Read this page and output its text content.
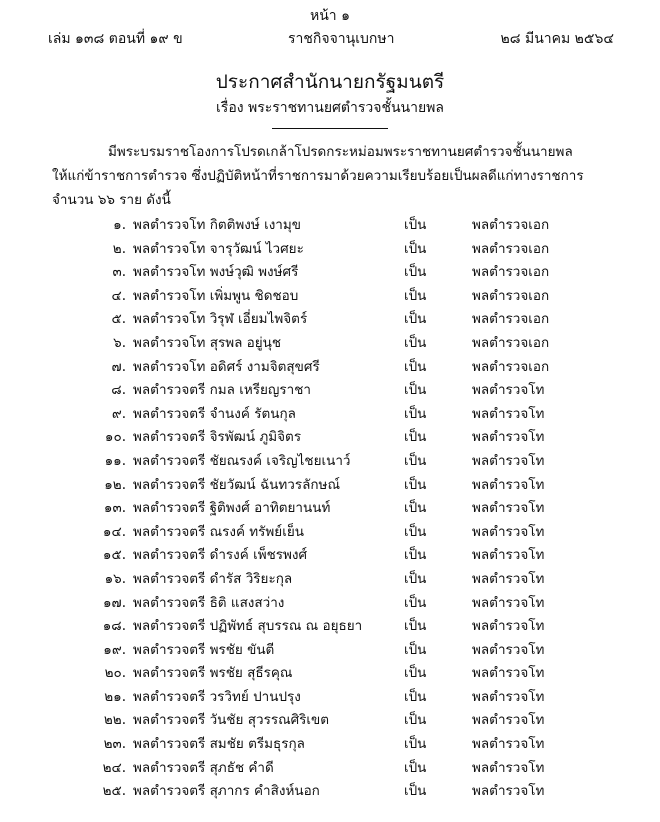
หน้า ๑
เล่ม ๑๓๘ ตอนที่ ๑๙ ข	ราชกิจจานุเบกษา	๒๘ มีนาคม ๒๕๖๔
ประกาศสำนักนายกรัฐมนตรี
เรื่อง พระราชทานยศตำรวจชั้นนายพล
มีพระบรมราชโองการโปรดเกล้าโปรดกระหม่อมพระราชทานยศตำรวจชั้นนายพล
ให้แก่ข้าราชการตำรวจ ซึ่งปฏิบัติหน้าที่ราชการมาด้วยความเรียบร้อยเป็นผลดีแก่ทางราชการ
จำนวน ๖๖ ราย ดังนี้
๑. พลตำรวจโท กิตติพงษ์ เงามุข	เป็น	พลตำรวจเอก
๒. พลตำรวจโท จารุวัฒน์ ไวศยะ	เป็น	พลตำรวจเอก
๓. พลตำรวจโท พงษ์วุฒิ พงษ์ศรี	เป็น	พลตำรวจเอก
๔. พลตำรวจโท เพิ่มพูน ชิดชอบ	เป็น	พลตำรวจเอก
๕. พลตำรวจโท วิรุฬ เอี่ยมไพจิตร์	เป็น	พลตำรวจเอก
๖. พลตำรวจโท สุรพล อยู่นุช	เป็น	พลตำรวจเอก
๗. พลตำรวจโท อดิศร์ งามจิตสุขศรี	เป็น	พลตำรวจเอก
๘. พลตำรวจตรี กมล เหรียญราชา	เป็น	พลตำรวจโท
๙. พลตำรวจตรี จำนงค์ รัตนกุล	เป็น	พลตำรวจโท
๑๐. พลตำรวจตรี จิรพัฒน์ ภูมิจิตร	เป็น	พลตำรวจโท
๑๑. พลตำรวจตรี ชัยณรงค์ เจริญไชยเนาว์	เป็น	พลตำรวจโท
๑๒. พลตำรวจตรี ชัยวัฒน์ ฉันทวรลักษณ์	เป็น	พลตำรวจโท
๑๓. พลตำรวจตรี ฐิติพงศ์ อาทิตยานนท์	เป็น	พลตำรวจโท
๑๔. พลตำรวจตรี ณรงค์ ทรัพย์เย็น	เป็น	พลตำรวจโท
๑๕. พลตำรวจตรี ดำรงค์ เพ็ชรพงศ์	เป็น	พลตำรวจโท
๑๖. พลตำรวจตรี ดำรัส วิริยะกุล	เป็น	พลตำรวจโท
๑๗. พลตำรวจตรี ธิติ แสงสว่าง	เป็น	พลตำรวจโท
๑๘. พลตำรวจตรี ปฏิพัทธ์ สุบรรณ ณ อยุธยา	เป็น	พลตำรวจโท
๑๙. พลตำรวจตรี พรชัย ขันตี	เป็น	พลตำรวจโท
๒๐. พลตำรวจตรี พรชัย สุธีรคุณ	เป็น	พลตำรวจโท
๒๑. พลตำรวจตรี วรวิทย์ ปานปรุง	เป็น	พลตำรวจโท
๒๒. พลตำรวจตรี วันชัย สุวรรณศิริเขต	เป็น	พลตำรวจโท
๒๓. พลตำรวจตรี สมชัย ตรีมธุรกุล	เป็น	พลตำรวจโท
๒๔. พลตำรวจตรี สุภธัช คำดี	เป็น	พลตำรวจโท
๒๕. พลตำรวจตรี สุภากร คำสิงห์นอก	เป็น	พลตำรวจโท
